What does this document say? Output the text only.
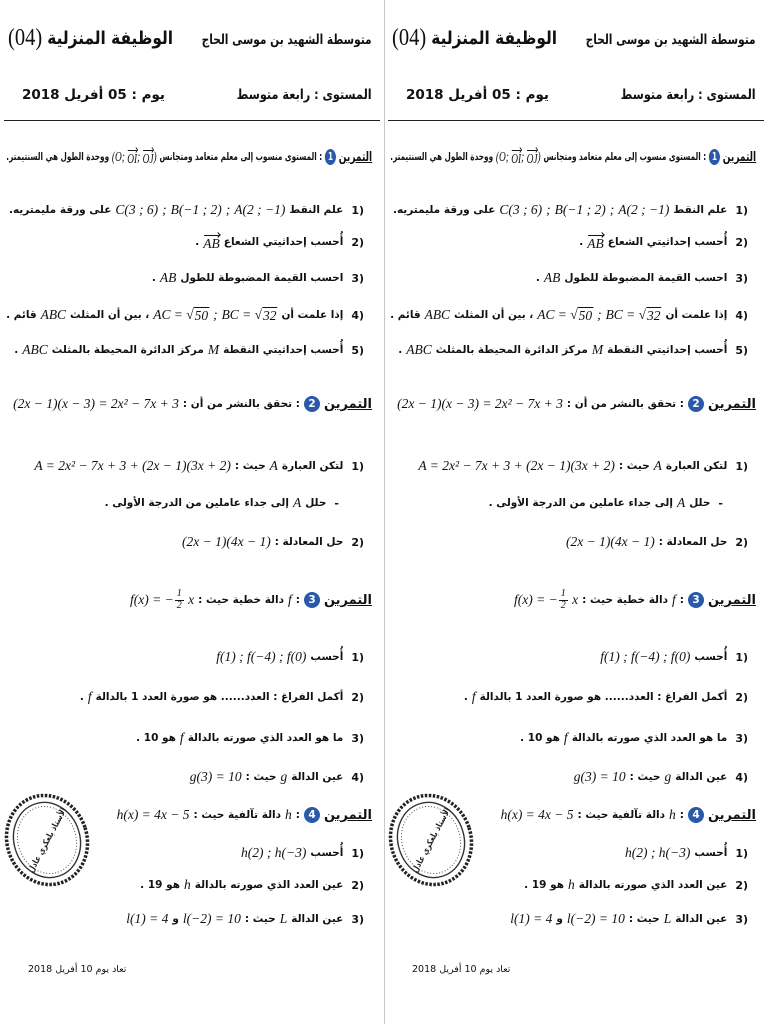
متوسطة الشهيد بن موسى الحاج
الوظيفة المنزلية
(04)
المستوى : رابعة متوسط
يوم : 05 أفريل 2018
التمرين
1
: المستوى منسوب إلى معلم متعامد ومتجانس
(O; OI ; OJ )
ووحدة الطول هي السنتيمتر.
1)
علم النقط
A(2 ; −1)
;
B(−1 ; 2)
;
C(3 ; 6)
على ورقة مليمتريه.
2)
أُحسب إحداثيتي الشعاع
AB
.
3)
احسب القيمة المضبوطة للطول
AB
.
4)
إذا علمت أن
BC = √ 32
;
AC = √ 50
، بين أن المثلث
ABC
قائم .
5)
أُحسب إحداثيتي النقطة
M
مركز الدائرة المحيطة بالمثلث
ABC
.
التمرين
2
: تحقق بالنشر من أن :
(2x − 1)(x − 3) = 2x² − 7x + 3
1)
لتكن العبارة
A
حيث :
A = 2x² − 7x + 3 + (2x − 1)(3x + 2)
-
حلل
A
إلى جداء عاملين من الدرجة الأولى .
2)
حل المعادلة :
(2x − 1)(4x − 1)
التمرين
3
:
f
دالة خطية حيث :
f(x) = − $\frac{1}{2}$ x
1)
أُحسب
f(1) ; f(−4) ; f(0)
2)
أكمل الفراغ : العدد...... هو صورة العدد 1 بالدالة
f
.
3)
ما هو العدد الذي صورته بالدالة
f
هو 10 .
4)
عين الدالة
g
حيث :
g(3) = 10
التمرين
4
:
h
دالة تآلفية حيث :
h(x) = 4x − 5
1)
أُحسب
h(2) ; h(−3)
2)
عين العدد الذي صورته بالدالة
h
هو 19 .
3)
عين الدالة
L
حيث :
l(−2) = 10
و
l(1) = 4
الأستاذ بلعكري عادل
تعاد يوم 10 أفريل 2018
متوسطة الشهيد بن موسى الحاج
الوظيفة المنزلية
(04)
المستوى : رابعة متوسط
يوم : 05 أفريل 2018
التمرين
1
: المستوى منسوب إلى معلم متعامد ومتجانس
(O; OI ; OJ )
ووحدة الطول هي السنتيمتر.
1)
علم النقط
A(2 ; −1)
;
B(−1 ; 2)
;
C(3 ; 6)
على ورقة مليمتريه.
2)
أُحسب إحداثيتي الشعاع
AB
.
3)
احسب القيمة المضبوطة للطول
AB
.
4)
إذا علمت أن
BC = √ 32
;
AC = √ 50
، بين أن المثلث
ABC
قائم .
5)
أُحسب إحداثيتي النقطة
M
مركز الدائرة المحيطة بالمثلث
ABC
.
التمرين
2
: تحقق بالنشر من أن :
(2x − 1)(x − 3) = 2x² − 7x + 3
1)
لتكن العبارة
A
حيث :
A = 2x² − 7x + 3 + (2x − 1)(3x + 2)
-
حلل
A
إلى جداء عاملين من الدرجة الأولى .
2)
حل المعادلة :
(2x − 1)(4x − 1)
التمرين
3
:
f
دالة خطية حيث :
f(x) = − $\frac{1}{2}$ x
1)
أُحسب
f(1) ; f(−4) ; f(0)
2)
أكمل الفراغ : العدد...... هو صورة العدد 1 بالدالة
f
.
3)
ما هو العدد الذي صورته بالدالة
f
هو 10 .
4)
عين الدالة
g
حيث :
g(3) = 10
التمرين
4
:
h
دالة تآلفية حيث :
h(x) = 4x − 5
1)
أُحسب
h(2) ; h(−3)
2)
عين العدد الذي صورته بالدالة
h
هو 19 .
3)
عين الدالة
L
حيث :
l(−2) = 10
و
l(1) = 4
الأستاذ بلعكري عادل
تعاد يوم 10 أفريل 2018
